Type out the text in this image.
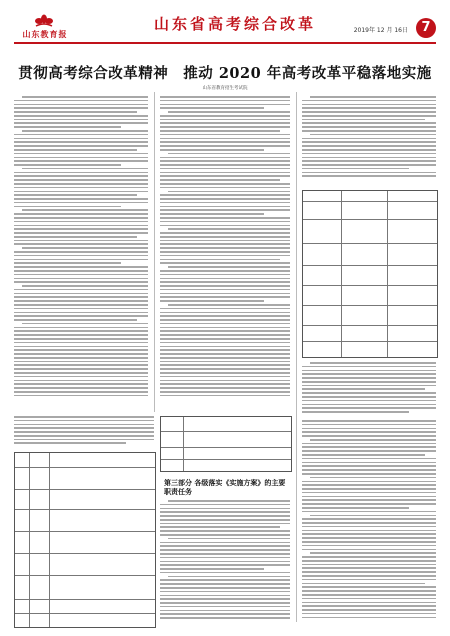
山东教育报
山东省高考综合改革	2019年 12 月 16日	7
贯彻高考综合改革精神　推动 2020 年高考改革平稳落地实施
山东省教育招生考试院
第三部分 各级落实《实施方案》的主要职责任务
